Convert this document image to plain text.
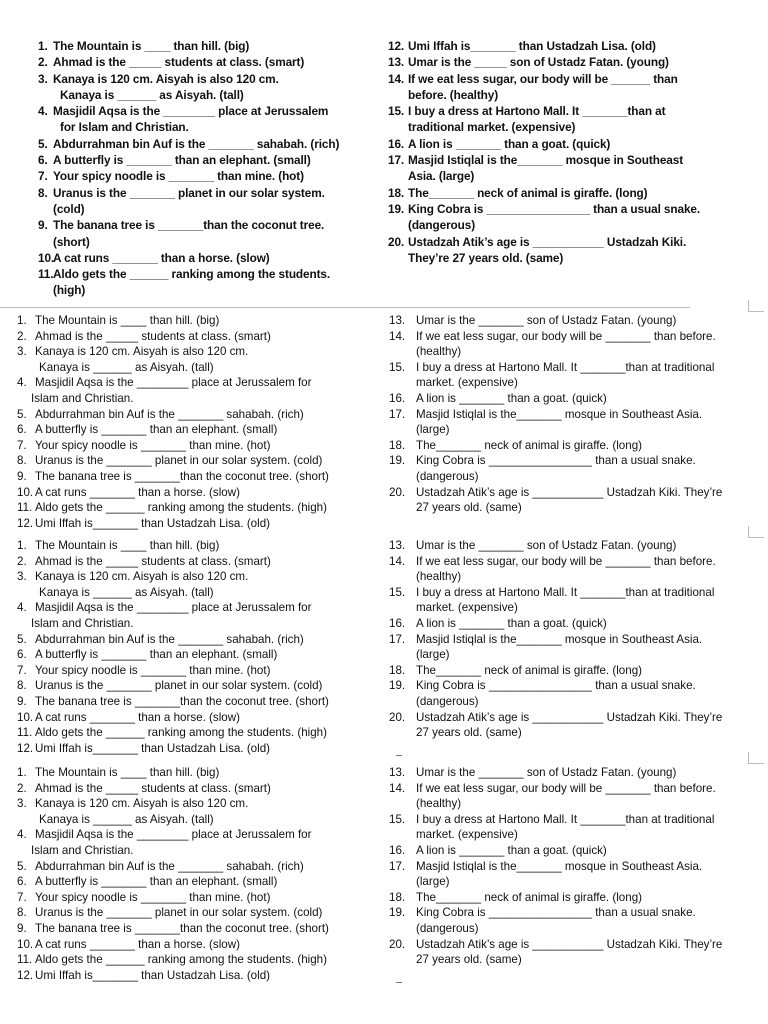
1. The Mountain is ____ than hill. (big)
2. Ahmad is the _____ students at class. (smart)
3. Kanaya is 120 cm. Aisyah is also 120 cm.
Kanaya is ______ as Aisyah. (tall)
4. Masjidil Aqsa is the ________ place at Jerussalem
for Islam and Christian.
5. Abdurrahman bin Auf is the _______ sahabah. (rich)
6. A butterfly is _______ than an elephant. (small)
7. Your spicy noodle is _______ than mine. (hot)
8. Uranus is the _______ planet in our solar system.
(cold)
9. The banana tree is _______than the coconut tree.
(short)
10.
A cat runs _______ than a horse. (slow)
11. Aldo gets the ______ ranking among the students.
(high)
12. Umi Iffah is_______ than Ustadzah Lisa. (old)
13. Umar is the _____ son of Ustadz Fatan. (young)
14. If we eat less sugar, our body will be ______ than
before. (healthy)
15. I buy a dress at Hartono Mall. It _______than at
traditional market. (expensive)
16. A lion is _______ than a goat. (quick)
17. Masjid Istiqlal is the_______ mosque in Southeast
Asia. (large)
18. The_______ neck of animal is giraffe. (long)
19. King Cobra is ________________ than a usual snake.
(dangerous)
20. Ustadzah Atik’s age is ___________ Ustadzah Kiki.
They’re 27 years old. (same)
1. The Mountain is ____ than hill. (big)
2. Ahmad is the _____ students at class. (smart)
3. Kanaya is 120 cm. Aisyah is also 120 cm.
Kanaya is ______ as Aisyah. (tall)
4. Masjidil Aqsa is the ________ place at Jerussalem for
Islam and Christian.
5. Abdurrahman bin Auf is the _______ sahabah. (rich)
6. A butterfly is _______ than an elephant. (small)
7. Your spicy noodle is _______ than mine. (hot)
8. Uranus is the _______ planet in our solar system. (cold)
9. The banana tree is _______than the coconut tree. (short)
10. A cat runs _______ than a horse. (slow)
11. Aldo gets the ______ ranking among the students. (high)
12. Umi Iffah is_______ than Ustadzah Lisa. (old)
13. Umar is the _______ son of Ustadz Fatan. (young)
14. If we eat less sugar, our body will be _______ than before.
(healthy)
15. I buy a dress at Hartono Mall. It _______than at traditional
market. (expensive)
16. A lion is _______ than a goat. (quick)
17. Masjid Istiqlal is the_______ mosque in Southeast Asia.
(large)
18. The_______ neck of animal is giraffe. (long)
19. King Cobra is ________________ than a usual snake.
(dangerous)
20. Ustadzah Atik’s age is ___________ Ustadzah Kiki. They’re
27 years old. (same)
1. The Mountain is ____ than hill. (big)
2. Ahmad is the _____ students at class. (smart)
3. Kanaya is 120 cm. Aisyah is also 120 cm.
Kanaya is ______ as Aisyah. (tall)
4. Masjidil Aqsa is the ________ place at Jerussalem for
Islam and Christian.
5. Abdurrahman bin Auf is the _______ sahabah. (rich)
6. A butterfly is _______ than an elephant. (small)
7. Your spicy noodle is _______ than mine. (hot)
8. Uranus is the _______ planet in our solar system. (cold)
9. The banana tree is _______than the coconut tree. (short)
10. A cat runs _______ than a horse. (slow)
11. Aldo gets the ______ ranking among the students. (high)
12. Umi Iffah is_______ than Ustadzah Lisa. (old)
13. Umar is the _______ son of Ustadz Fatan. (young)
14. If we eat less sugar, our body will be _______ than before.
(healthy)
15. I buy a dress at Hartono Mall. It _______than at traditional
market. (expensive)
16. A lion is _______ than a goat. (quick)
17. Masjid Istiqlal is the_______ mosque in Southeast Asia.
(large)
18. The_______ neck of animal is giraffe. (long)
19. King Cobra is ________________ than a usual snake.
(dangerous)
20. Ustadzah Atik’s age is ___________ Ustadzah Kiki. They’re
27 years old. (same)
1. The Mountain is ____ than hill. (big)
2. Ahmad is the _____ students at class. (smart)
3. Kanaya is 120 cm. Aisyah is also 120 cm.
Kanaya is ______ as Aisyah. (tall)
4. Masjidil Aqsa is the ________ place at Jerussalem for
Islam and Christian.
5. Abdurrahman bin Auf is the _______ sahabah. (rich)
6. A butterfly is _______ than an elephant. (small)
7. Your spicy noodle is _______ than mine. (hot)
8. Uranus is the _______ planet in our solar system. (cold)
9. The banana tree is _______than the coconut tree. (short)
10. A cat runs _______ than a horse. (slow)
11. Aldo gets the ______ ranking among the students. (high)
12. Umi Iffah is_______ than Ustadzah Lisa. (old)
13. Umar is the _______ son of Ustadz Fatan. (young)
14. If we eat less sugar, our body will be _______ than before.
(healthy)
15. I buy a dress at Hartono Mall. It _______than at traditional
market. (expensive)
16. A lion is _______ than a goat. (quick)
17. Masjid Istiqlal is the_______ mosque in Southeast Asia.
(large)
18. The_______ neck of animal is giraffe. (long)
19. King Cobra is ________________ than a usual snake.
(dangerous)
20. Ustadzah Atik’s age is ___________ Ustadzah Kiki. They’re
27 years old. (same)
